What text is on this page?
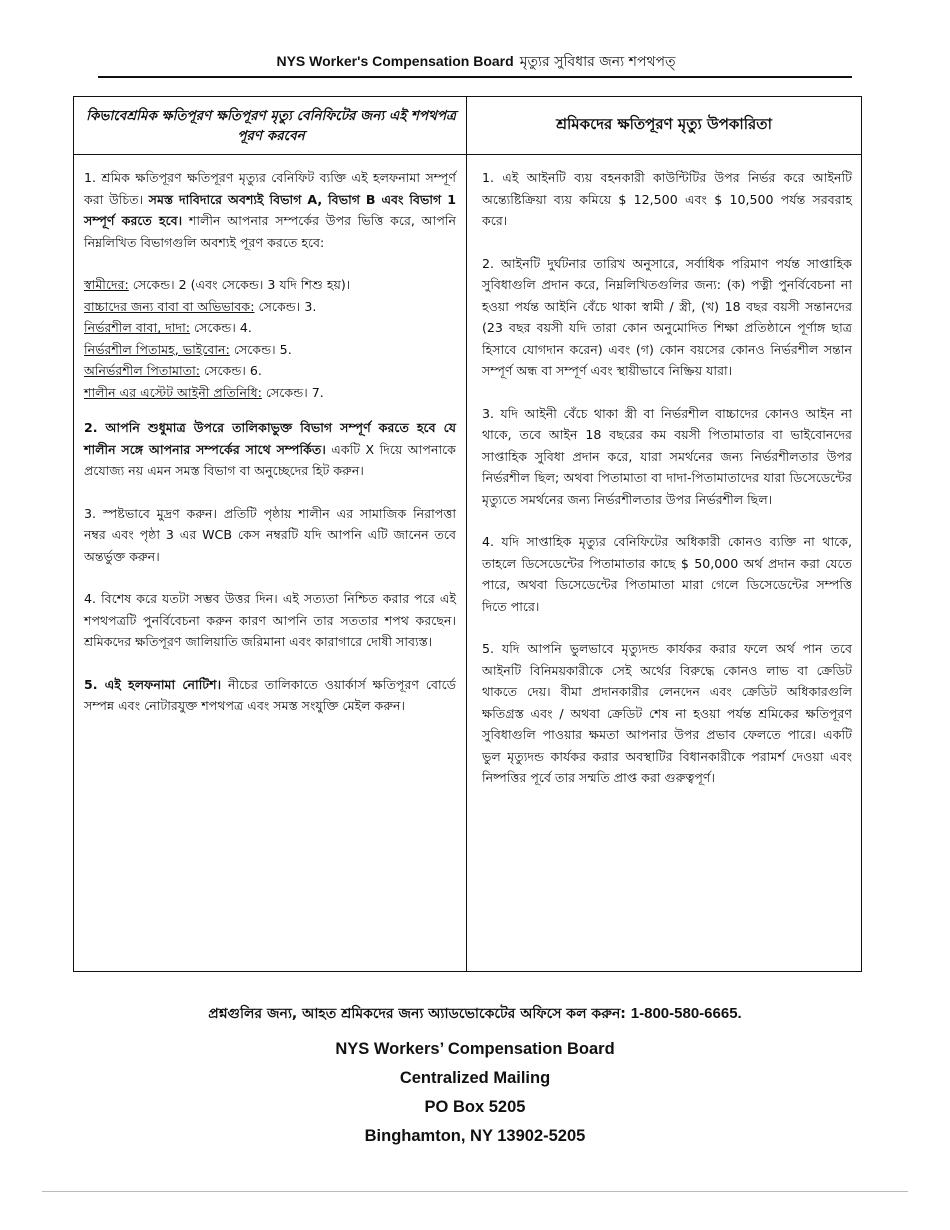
NYS Worker's Compensation Board মৃত্যুর সুবিধার জন্য শপথপত্
কিভাবেশ্রমিক ক্ষতিপূরণ ক্ষতিপূরণ মৃত্যু বেনিফিটের জন্য এই শপথপত্র পূরণ করবেন
শ্রমিকদের ক্ষতিপূরণ মৃত্যু উপকারিতা

1. শ্রমিক ক্ষতিপূরণ ক্ষতিপূরণ মৃত্যুর বেনিফিট ব্যক্তি এই হলফনামা সম্পূর্ণ করা উচিত। সমস্ত দাবিদারে অবশ্যই বিভাগ A, বিভাগ B এবং বিভাগ 1 সম্পূর্ণ করতে হবে। শালীন আপনার সম্পর্কের উপর ভিত্তি করে, আপনি নিম্নলিখিত বিভাগগুলি অবশ্যই পূরণ করতে হবে:

স্বামীদের: সেকেন্ড। 2 (এবং সেকেন্ড। 3 যদি শিশু হয়)।
বাচ্চাদের জন্য বাবা বা অভিভাবক: সেকেন্ড। 3.
নির্ভরশীল বাবা, দাদা: সেকেন্ড। 4.
নির্ভরশীল পিতামহ, ভাইবোন: সেকেন্ড। 5.
অনির্ভরশীল পিতামাতা: সেকেন্ড। 6.
শালীন এর এস্টেট আইনী প্রতিনিধি: সেকেন্ড। 7.

2. আপনি শুধুমাত্র উপরে তালিকাভুক্ত বিভাগ সম্পূর্ণ করতে হবে যে শালীন সঙ্গে আপনার সম্পর্কের সাথে সম্পর্কিত। একটি X দিয়ে আপনাকে প্রযোজ্য নয় এমন সমস্ত বিভাগ বা অনুচ্ছেদের হিট করুন।

3. স্পষ্টভাবে মুদ্রণ করুন। প্রতিটি পৃষ্ঠায় শালীন এর সামাজিক নিরাপত্তা নম্বর এবং পৃষ্ঠা 3 এর WCB কেস নম্বরটি যদি আপনি এটি জানেন তবে অন্তর্ভুক্ত করুন।

4. বিশেষ করে যতটা সম্ভব উত্তর দিন। এই সত্যতা নিশ্চিত করার পরে এই শপথপত্রটি পুনর্বিবেচনা করুন কারণ আপনি তার সততার শপথ করছেন। শ্রমিকদের ক্ষতিপূরণ জালিয়াতি জরিমানা এবং কারাগারে দোষী সাব্যস্ত।

5. এই হলফনামা নোটিশ। নীচের তালিকাতে ওয়ার্কার্স ক্ষতিপূরণ বোর্ডে সম্পন্ন এবং নোটারযুক্ত শপথপত্র এবং সমস্ত সংযুক্তি মেইল করুন।

1. এই আইনটি ব্যয় বহনকারী কাউন্টিটির উপর নির্ভর করে আইনটি অন্ত্যেষ্টিক্রিয়া ব্যয় কমিয়ে $ 12,500 এবং $ 10,500 পর্যন্ত সরবরাহ করে।

2. আইনটি দুর্ঘটনার তারিখ অনুসারে, সর্বাধিক পরিমাণ পর্যন্ত সাপ্তাহিক সুবিধাগুলি প্রদান করে, নিম্নলিখিতগুলির জন্য: (ক) পত্নী পুনর্বিবেচনা না হওয়া পর্যন্ত আইনি বেঁচে থাকা স্বামী / স্ত্রী, (খ) 18 বছর বয়সী সন্তানদের (23 বছর বয়সী যদি তারা কোন অনুমোদিত শিক্ষা প্রতিষ্ঠানে পূর্ণাঙ্গ ছাত্র হিসাবে যোগদান করেন) এবং (গ) কোন বয়সের কোনও নির্ভরশীল সন্তান সম্পূর্ণ অন্ধ বা সম্পূর্ণ এবং স্থায়ীভাবে নিষ্ক্রিয় যারা।

3. যদি আইনী বেঁচে থাকা স্ত্রী বা নির্ভরশীল বাচ্চাদের কোনও আইন না থাকে, তবে আইন 18 বছরের কম বয়সী পিতামাতার বা ভাইবোনদের সাপ্তাহিক সুবিধা প্রদান করে, যারা সমর্থনের জন্য নির্ভরশীলতার উপর নির্ভরশীল ছিল; অথবা পিতামাতা বা দাদা-পিতামাতাদের যারা ডিসেডেন্টের মৃত্যুতে সমর্থনের জন্য নির্ভরশীলতার উপর নির্ভরশীল ছিল।

4. যদি সাপ্তাহিক মৃত্যুর বেনিফিটের অধিকারী কোনও ব্যক্তি না থাকে, তাহলে ডিসেডেন্টের পিতামাতার কাছে $ 50,000 অর্থ প্রদান করা যেতে পারে, অথবা ডিসেডেন্টের পিতামাতা মারা গেলে ডিসেডেন্টের সম্পত্তি দিতে পারে।

5. যদি আপনি ভুলভাবে মৃত্যুদন্ড কার্যকর করার ফলে অর্থ পান তবে আইনটি বিনিময়কারীকে সেই অর্থের বিরুদ্ধে কোনও লাভ বা ক্রেডিট থাকতে দেয়। বীমা প্রদানকারীর লেনদেন এবং ক্রেডিট অধিকারগুলি ক্ষতিগ্রস্ত এবং / অথবা ক্রেডিট শেষ না হওয়া পর্যন্ত শ্রমিকের ক্ষতিপূরণ সুবিধাগুলি পাওয়ার ক্ষমতা আপনার উপর প্রভাব ফেলতে পারে। একটি ভুল মৃত্যুদন্ড কার্যকর করার অবস্থাটির বিধানকারীকে পরামর্শ দেওয়া এবং নিষ্পত্তির পূর্বে তার সম্মতি প্রাপ্ত করা গুরুত্বপূর্ণ।

প্রশ্নগুলির জন্য, আহত শ্রমিকদের জন্য অ্যাডভোকেটের অফিসে কল করুন: 1-800-580-6665.
NYS Workers’ Compensation Board
Centralized Mailing
PO Box 5205
Binghamton, NY 13902-5205
